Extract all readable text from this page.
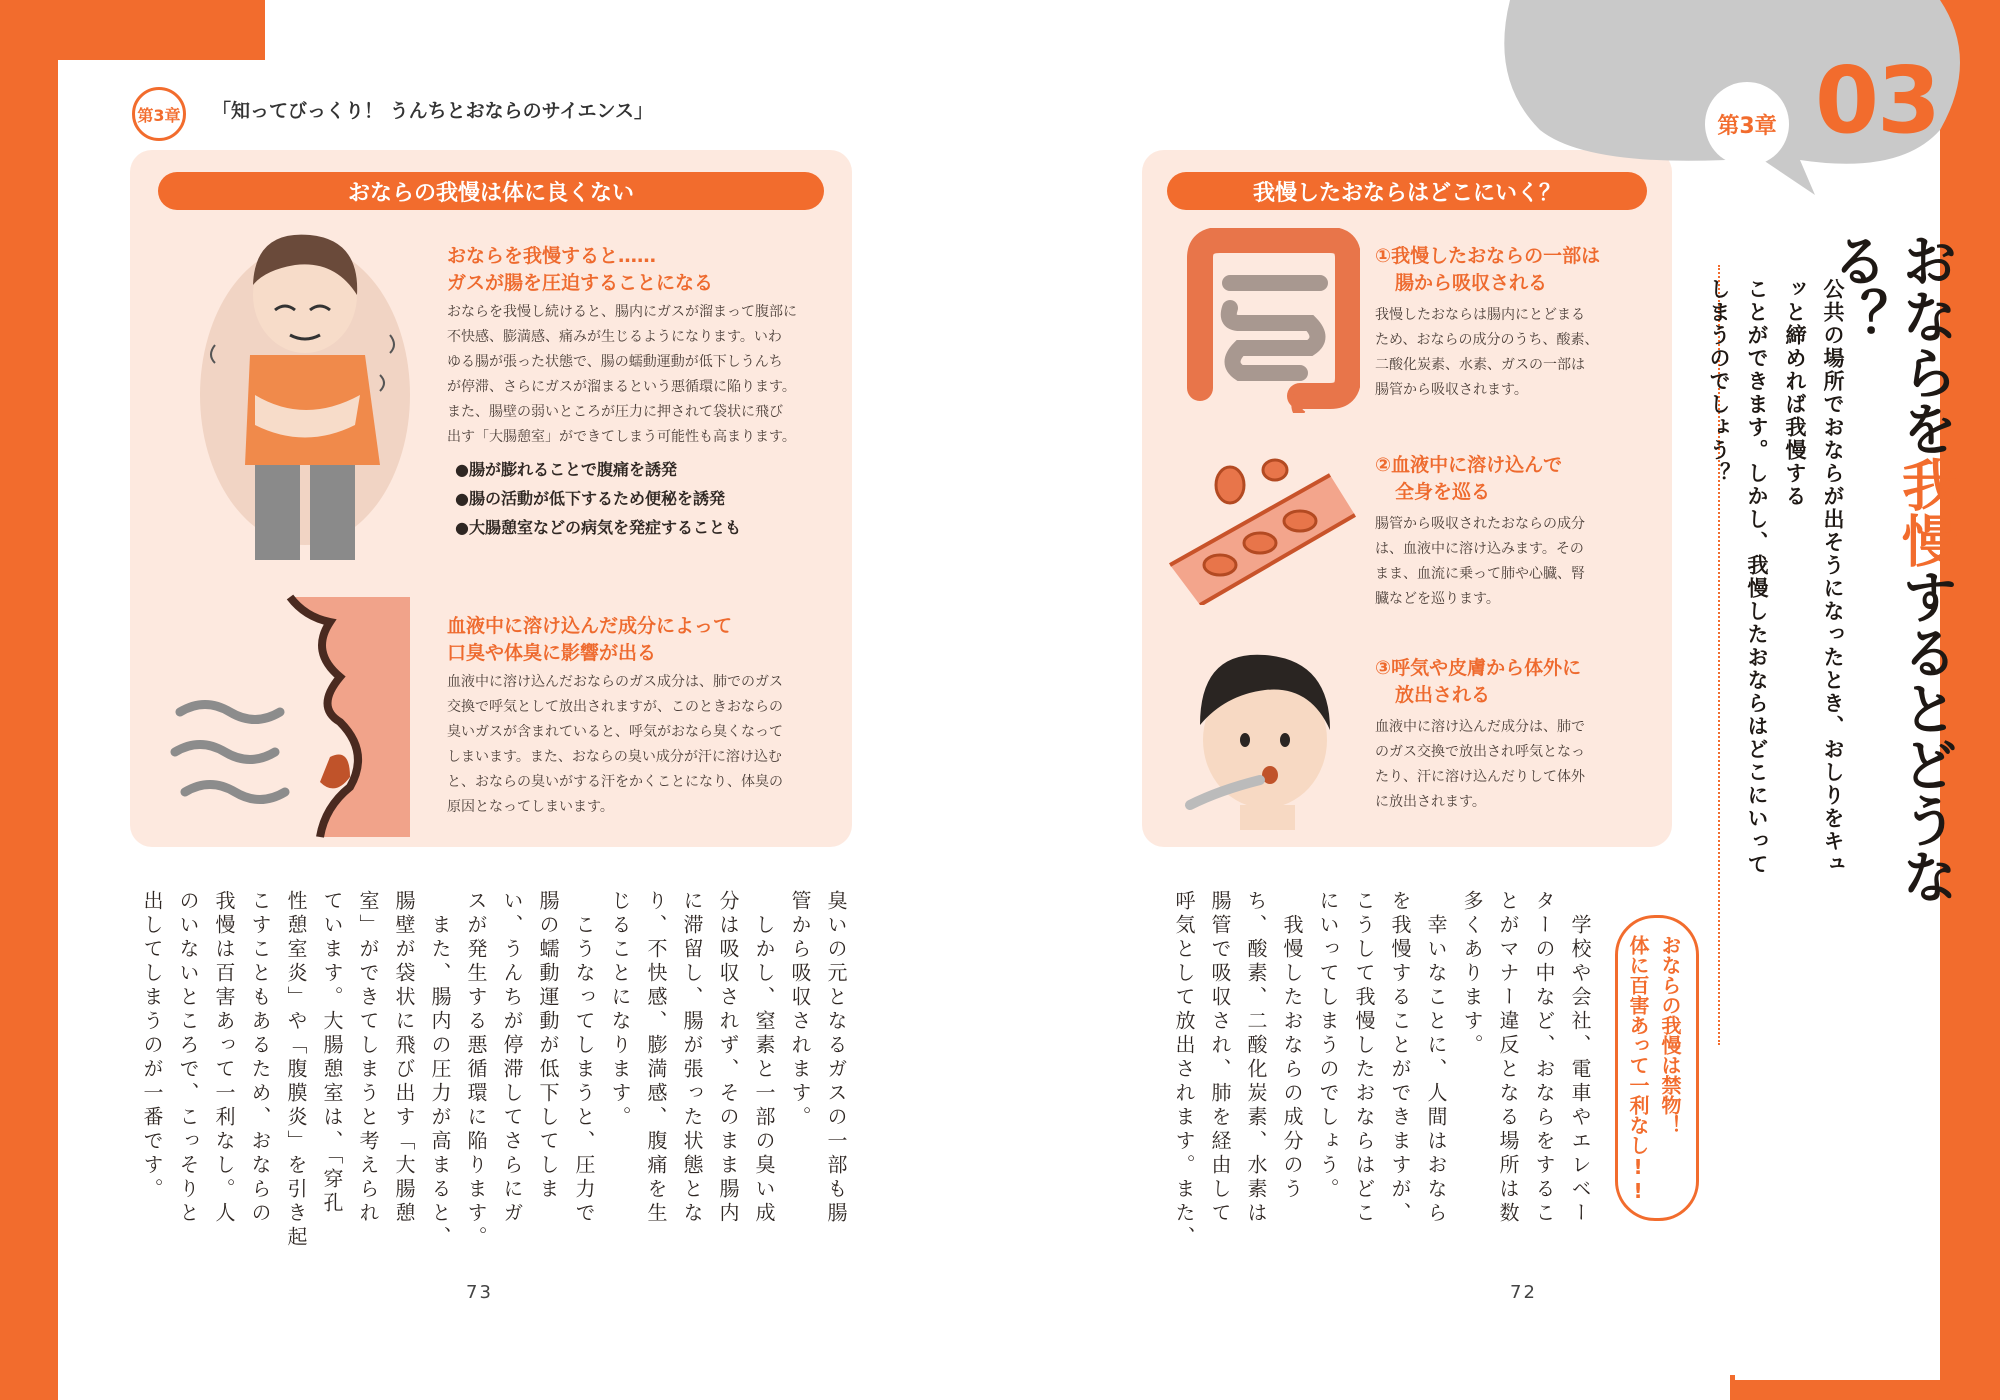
第3章 「知ってびっくり！ うんちとおならのサイエンス」
おならの我慢は体に良くない
おならを我慢すると……
ガスが腸を圧迫することになる
おならを我慢し続けると、腸内にガスが溜まって腹部に
不快感、膨満感、痛みが生じるようになります。いわ
ゆる腸が張った状態で、腸の蠕動運動が低下しうんち
が停滞、さらにガスが溜まるという悪循環に陥ります。
また、腸壁の弱いところが圧力に押されて袋状に飛び
出す「大腸憩室」ができてしまう可能性も高まります。
●腸が膨れることで腹痛を誘発
●腸の活動が低下するため便秘を誘発
●大腸憩室などの病気を発症することも
血液中に溶け込んだ成分によって
口臭や体臭に影響が出る
血液中に溶け込んだおならのガス成分は、肺でのガス
交換で呼気として放出されますが、このときおならの
臭いガスが含まれていると、呼気がおなら臭くなって
しまいます。また、おならの臭い成分が汗に溶け込む
と、おならの臭いがする汗をかくことになり、体臭の
原因となってしまいます。
我慢したおならはどこにいく？
①我慢したおならの一部は
腸から吸収される
我慢したおならは腸内にとどまる
ため、おならの成分のうち、酸素、
二酸化炭素、水素、ガスの一部は
腸管から吸収されます。
②血液中に溶け込んで
全身を巡る
腸管から吸収されたおならの成分
は、血液中に溶け込みます。その
まま、血流に乗って肺や心臓、腎
臓などを巡ります。
③呼気や皮膚から体外に
放出される
血液中に溶け込んだ成分は、肺で
のガス交換で放出され呼気となっ
たり、汗に溶け込んだりして体外
に放出されます。
臭いの元となるガスの一部も腸
管から吸収されます。
　しかし、窒素と一部の臭い成
分は吸収されず、そのまま腸内
に滞留し、腸が張った状態とな
り、不快感、膨満感、腹痛を生
じることになります。
　こうなってしまうと、圧力で
腸の蠕動運動が低下してしま
い、うんちが停滞してさらにガ
スが発生する悪循環に陥ります。
　また、腸内の圧力が高まると、
腸壁が袋状に飛び出す「大腸憩
室」ができてしまうと考えられ
ています。大腸憩室は、「穿孔
性憩室炎」や「腹膜炎」を引き起
こすこともあるため、おならの
我慢は百害あって一利なし。人
のいないところで、こっそりと
出してしまうのが一番です。	　学校や会社、電車やエレベー
ターの中など、おならをするこ
とがマナー違反となる場所は数
多くあります。
　幸いなことに、人間はおなら
を我慢することができますが、
こうして我慢したおならはどこ
にいってしまうのでしょう。
　我慢したおならの成分のう
ち、酸素、二酸化炭素、水素は
腸管で吸収され、肺を経由して
呼気として放出されます。また、	おならの我慢は禁物！
体に百害あって一利なし!!
第3章 03
おならを我慢するとどうなる？
公共の場所でおならが出そうになったとき、おしりをキュッと締めれば我慢する
ことができます。しかし、我慢したおならはどこにいってしまうのでしょう？
73	72
